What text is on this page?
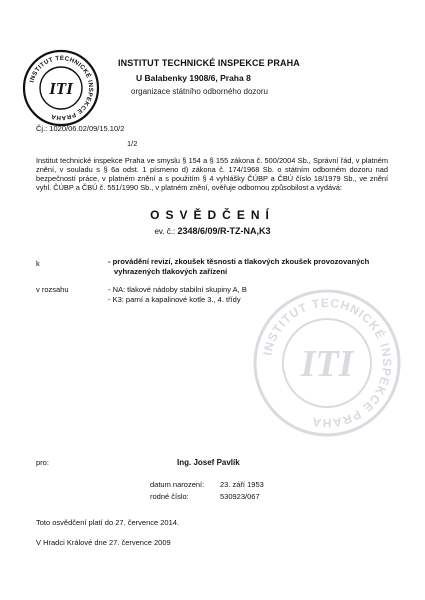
INSTITUT TECHNICKÉ INSPEKCE PRAHA
ITI
INSTITUT TECHNICKÉ INSPEKCE PRAHA
U Balabenky 1908/6, Praha 8
organizace státního odborného dozoru
Čj.: 1020/06.02/09/15.10/2
1/2
Institut technické inspekce Praha ve smyslu § 154 a § 155 zákona č. 500/2004 Sb., Správní řád, v platném znění, v souladu s § 6a odst. 1 písmeno d) zákona č. 174/1968 Sb. o státním odborném dozoru nad bezpečností práce, v platném znění a s použitím § 4 vyhlášky ČÚBP a ČBÚ číslo 18/1979 Sb., ve znění vyhl. ČÚBP a ČBÚ č. 551/1990 Sb., v platném znění, ověřuje odbornou způsobilost a vydává:
INSTITUT TECHNICKÉ INSPEKCE PRAHA
ITI
OSVĚDČENÍ
ev. č.: 2348/6/09/R-TZ-NA,K3
k	- provádění revizí, zkoušek těsnosti a tlakových zkoušek provozovaných
vyhrazených tlakových zařízení
v rozsahu	- NA: tlakové nádoby stabilní skupiny A, B
- K3: parní a kapalinové kotle 3., 4. třídy
pro:	Ing. Josef Pavlík
datum narození: 23. září 1953
rodné číslo:	530923/067
Toto osvědčení platí do 27. července 2014.
V Hradci Králové dne 27. července 2009
